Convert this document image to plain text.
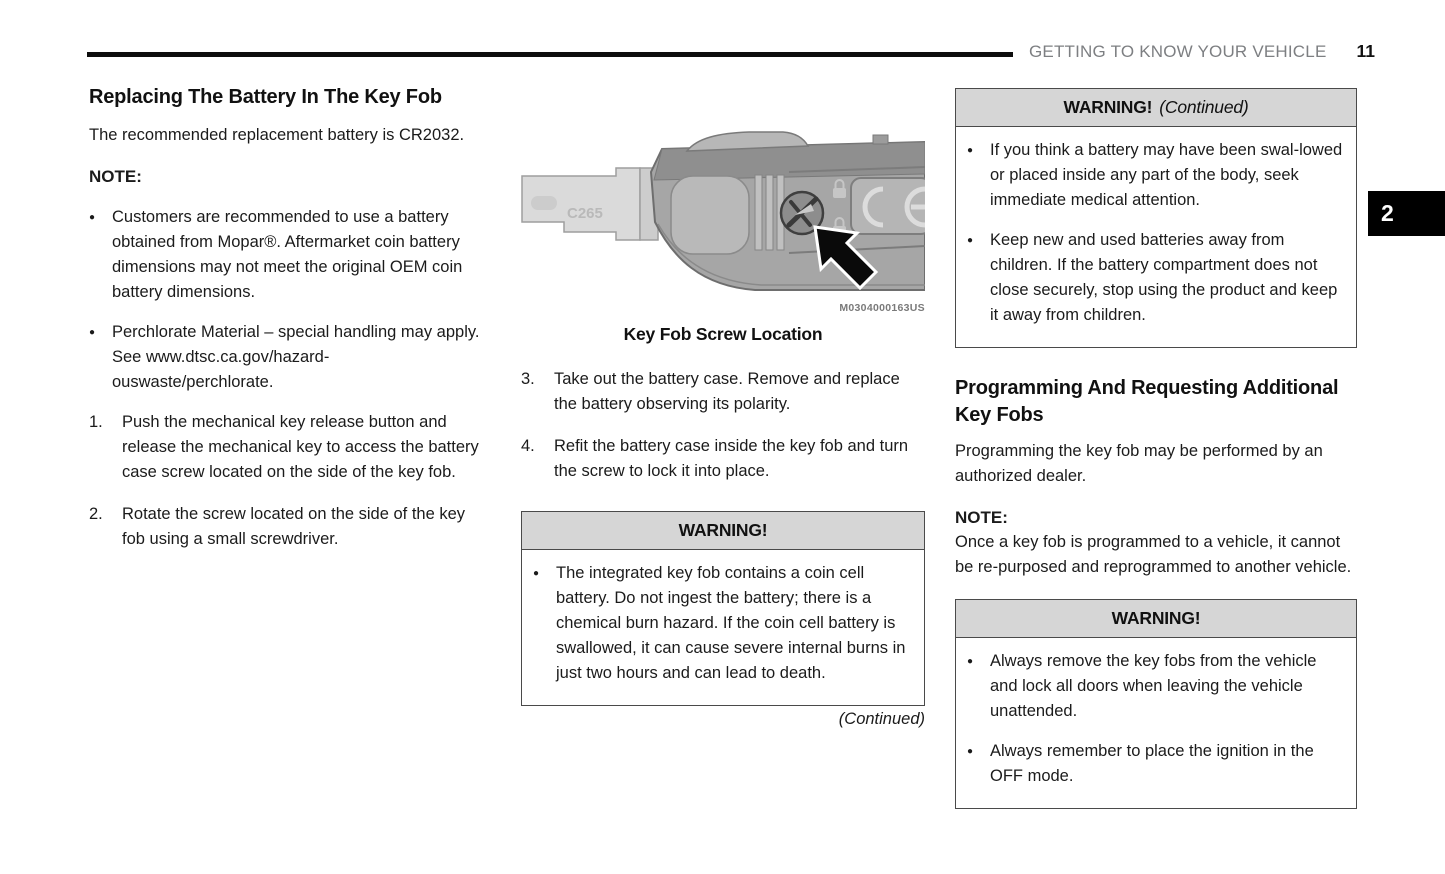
GETTING TO KNOW YOUR VEHICLE 11
2
Replacing The Battery In The Key Fob

The recommended replacement battery is CR2032.

NOTE:
● Customers are recommended to use a battery obtained from Mopar®. Aftermarket coin battery dimensions may not meet the original OEM coin battery dimensions.
● Perchlorate Material – special handling may apply. See www.dtsc.ca.gov/hazard-ouswaste/perchlorate.
1.	Push the mechanical key release button and release the mechanical key to access the battery case screw located on the side of the key fob.
2.	Rotate the screw located on the side of the key fob using a small screwdriver.
C265
M0304000163US
Key Fob Screw Location
3.	Take out the battery case. Remove and replace the battery observing its polarity.
4.	Refit the battery case inside the key fob and turn the screw to lock it into place.
WARNING!
● The integrated key fob contains a coin cell battery. Do not ingest the battery; there is a chemical burn hazard. If the coin cell battery is swallowed, it can cause severe internal burns in just two hours and can lead to death.
(Continued)
WARNING! (Continued)
● If you think a battery may have been swal-lowed or placed inside any part of the body, seek immediate medical attention.
● Keep new and used batteries away from children. If the battery compartment does not close securely, stop using the product and keep it away from children.
Programming And Requesting Additional Key Fobs

Programming the key fob may be performed by an authorized dealer.

NOTE:

Once a key fob is programmed to a vehicle, it cannot be re-purposed and reprogrammed to another vehicle.

WARNING!
● Always remove the key fobs from the vehicle and lock all doors when leaving the vehicle unattended.
● Always remember to place the ignition in the OFF mode.
